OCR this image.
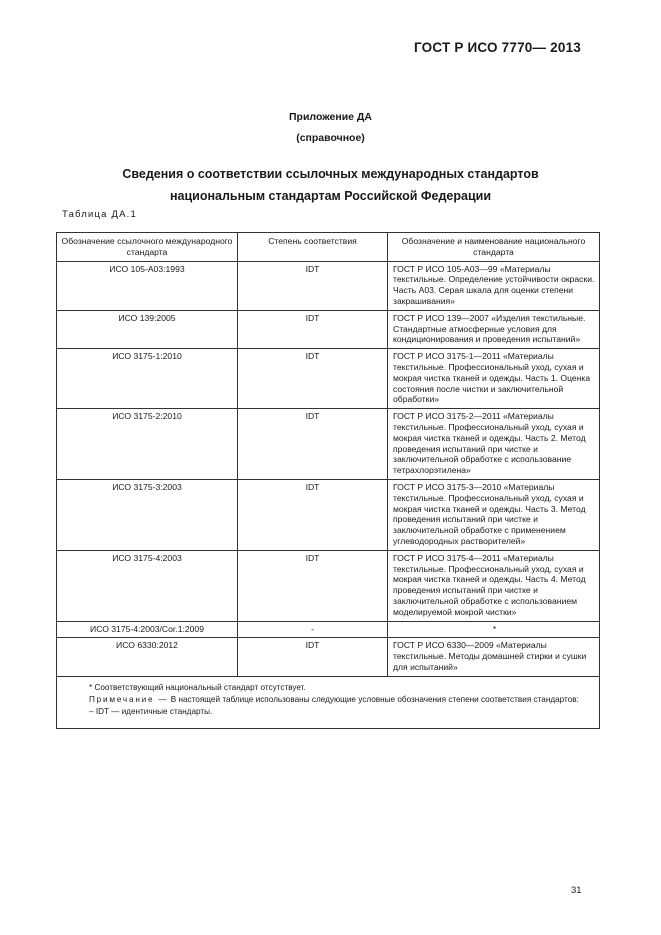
ГОСТ Р ИСО 7770— 2013
Приложение ДА
(справочное)
Сведения о соответствии ссылочных международных стандартов
национальным стандартам Российской Федерации
Таблица ДА.1
Обозначение ссылочного международного стандарта	Степень соответствия	Обозначение и наименование национального стандарта
ИСО 105-А03:1993	IDT	ГОСТ Р ИСО 105-А03—99 «Материалы текстильные. Определение устойчивости окраски. Часть А03. Серая шкала для оценки степени закрашивания»
ИСО 139:2005	IDT	ГОСТ Р ИСО 139—2007 «Изделия текстильные. Стандартные атмосферные условия для кондиционирования и проведения испытаний»
ИСО 3175-1:2010	IDT	ГОСТ Р ИСО 3175-1—2011 «Материалы текстильные. Профессиональный уход, сухая и мокрая чистка тканей и одежды. Часть 1. Оценка состояния после чистки и заключительной обработки»
ИСО 3175-2:2010	IDT	ГОСТ Р ИСО 3175-2—2011 «Материалы текстильные. Профессиональный уход, сухая и мокрая чистка тканей и одежды. Часть 2. Метод проведения испытаний при чистке и заключительной обработке с использование тетрахлорэтилена»
ИСО 3175-3:2003	IDT	ГОСТ Р ИСО 3175-3—2010 «Материалы текстильные. Профессиональный уход, сухая и мокрая чистка тканей и одежды. Часть 3. Метод проведения испытаний при чистке и заключительной обработке с применением углеводородных растворителей»
ИСО 3175-4:2003	IDT	ГОСТ Р ИСО 3175-4—2011 «Материалы текстильные. Профессиональный уход, сухая и мокрая чистка тканей и одежды. Часть 4. Метод проведения испытаний при чистке и заключительной обработке с использованием моделируемой мокрой чистки»
ИСО 3175-4:2003/Cor.1:2009	-	*
ИСО 6330:2012	IDT	ГОСТ Р ИСО 6330—2009 «Материалы текстильные. Методы домашней стирки и сушки для испытаний»

* Соответствующий национальный стандарт отсутствует.
Примечание — В настоящей таблице использованы следующие условные обозначения степени соответствия стандартов:
– IDT — идентичные стандарты.		
31
